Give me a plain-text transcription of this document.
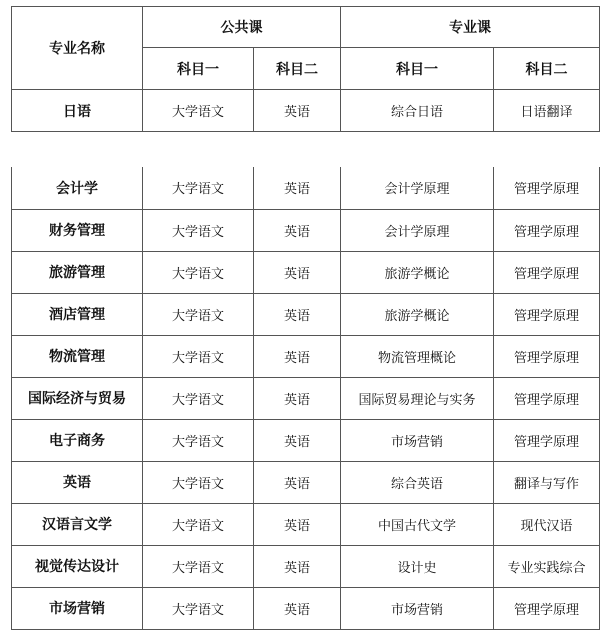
专业名称	公共课		专业课	
	科目一	科目二	科目一	科目二
日语	大学语文	英语	综合日语	日语翻译
会计学	大学语文	英语	会计学原理	管理学原理
财务管理	大学语文	英语	会计学原理	管理学原理
旅游管理	大学语文	英语	旅游学概论	管理学原理
酒店管理	大学语文	英语	旅游学概论	管理学原理
物流管理	大学语文	英语	物流管理概论	管理学原理
国际经济与贸易	大学语文	英语	国际贸易理论与实务	管理学原理
电子商务	大学语文	英语	市场营销	管理学原理
英语	大学语文	英语	综合英语	翻译与写作
汉语言文学	大学语文	英语	中国古代文学	现代汉语
视觉传达设计	大学语文	英语	设计史	专业实践综合
市场营销	大学语文	英语	市场营销	管理学原理
